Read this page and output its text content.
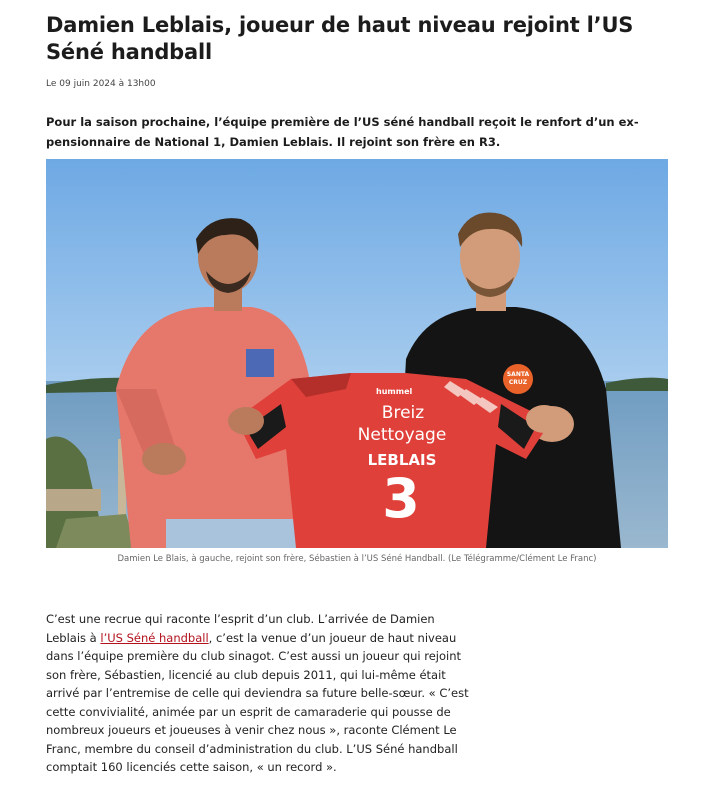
Damien Leblais, joueur de haut niveau rejoint l’US Séné handball
Le 09 juin 2024 à 13h00

Pour la saison prochaine, l’équipe première de l’US séné handball reçoit le renfort d’un ex-pensionnaire de National 1, Damien Leblais. Il rejoint son frère en R3.

hummel
Breiz
Nettoyage
LEBLAIS
3
SANTA
CRUZ
Damien Le Blais, à gauche, rejoint son frère, Sébastien à l’US Séné Handball. (Le Télégramme/Clément Le Franc)

C’est une recrue qui raconte l’esprit d’un club. L’arrivée de Damien Leblais à l’US Séné handball, c’est la venue d’un joueur de haut niveau dans l’équipe première du club sinagot. C’est aussi un joueur qui rejoint son frère, Sébastien, licencié au club depuis 2011, qui lui-même était arrivé par l’entremise de celle qui deviendra sa future belle-sœur. « C’est cette convivialité, animée par un esprit de camaraderie qui pousse de nombreux joueurs et joueuses à venir chez nous », raconte Clément Le Franc, membre du conseil d’administration du club. L’US Séné handball comptait 160 licenciés cette saison, « un record ».
